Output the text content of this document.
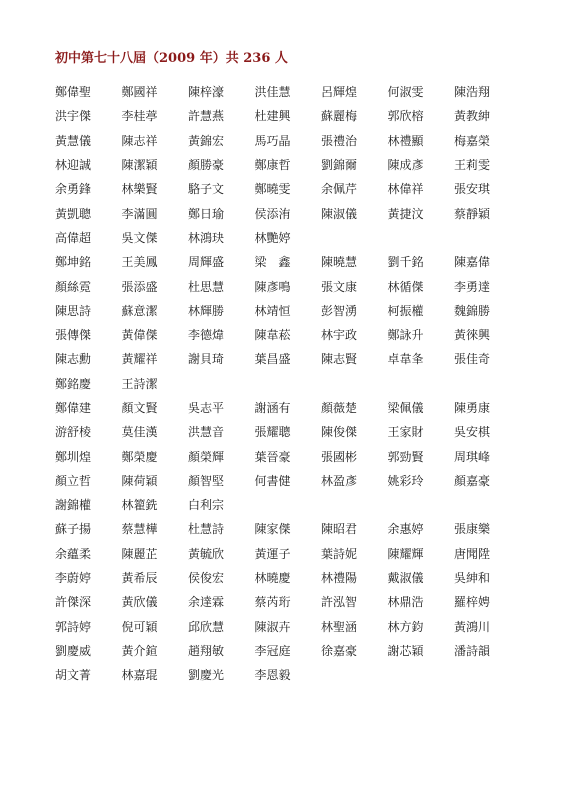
初中第七十八屆（2009 年）共 236 人
鄭偉聖	鄭國祥	陳梓濠	洪佳慧	呂輝煌	何淑雯	陳浩翔
洪宇傑	李桂葶	許慧燕	杜建興	蘇麗梅	郭欣榕	黃教紳
黃慧儀	陳志祥	黃錦宏	馬巧晶	張禮治	林禮顯	梅嘉榮
林迎誠	陳潔穎	顏勝豪	鄭康哲	劉錦爾	陳成彥	王莉雯
余勇鋒	林樂賢	駱子文	鄭曉雯	余佩芹	林偉祥	張安琪
黃凱聰	李滿圓	鄭日瑜	侯添洧	陳淑儀	黃捷汶	蔡靜穎
高偉超	吳文傑	林鴻玦	林艷婷
鄭坤銘	王美鳳	周輝盛	梁　鑫	陳曉慧	劉千銘	陳嘉偉
顏絲霓	張添盛	杜思慧	陳彥鳴	張文康	林循傑	李勇達
陳思詩	蘇意潔	林輝勝	林靖恒	彭智湧	柯振權	魏錦勝
張傳傑	黃偉傑	李德煒	陳韋菘	林宇政	鄭詠升	黃徠興
陳志勳	黃耀祥	謝貝琦	葉昌盛	陳志賢	卓韋夆	張佳奇
鄭銘慶	王詩潔
鄭偉建	顏文賢	吳志平	謝涵有	顏薇楚	梁佩儀	陳勇康
游舒棱	莫佳漢	洪慧音	張耀聰	陳俊傑	王家財	吳安棋
鄭圳煌	鄭榮慶	顏榮輝	葉晉豪	張國彬	郭勁賢	周琪峰
顏立哲	陳荷穎	顏智堅	何書健	林盈彥	姚彩玲	顏嘉豪
謝錦權	林籊銑	白利宗
蘇子揚	蔡慧樺	杜慧詩	陳家傑	陳昭君	余惠婷	張康樂
余蘊柔	陳麗芷	黃毓欣	黃運子	葉詩妮	陳耀輝	唐聞陞
李蔚婷	黃希辰	侯俊宏	林曉慶	林禮陽	戴淑儀	吳紳和
許傑深	黃欣儀	余達霖	蔡芮珩	許泓智	林鼎浩	羅梓娉
郭詩婷	倪可穎	邱欣慧	陳淑卉	林聖涵	林方鈞	黃鴻川
劉慶威	黃介鍹	趙翔敏	李冠庭	徐嘉豪	謝芯穎	潘詩韻
胡文菁	林嘉琨	劉慶光	李恩毅
